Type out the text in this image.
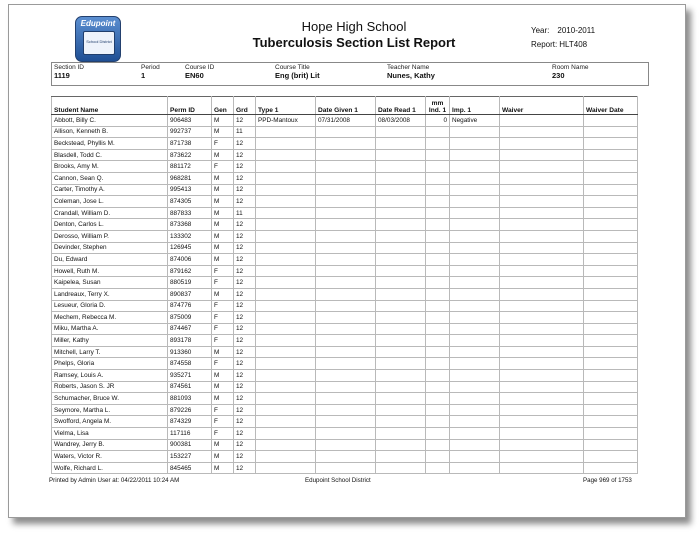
Edupoint
School District
Hope High School
Tuberculosis Section List Report
Year: 2010-2011
Report: HLT408
Section ID
1119
Period
1
Course ID
EN60
Course Title
Eng (brit) Lit
Teacher Name
Nunes, Kathy
Room Name
230
Student Name	Perm ID	Gen	Grd	Type 1	Date Given 1	Date Read 1	mm
Ind. 1	Imp. 1	Waiver	Waiver Date
Abbott, Billy C.	906483	M	12	PPD-Mantoux	07/31/2008	08/03/2008	0	Negative		
Allison, Kenneth B.	992737	M	11							
Beckstead, Phyllis M.	871738	F	12							
Blasdell, Todd C.	873622	M	12							
Brooks, Amy M.	881172	F	12							
Cannon, Sean Q.	968281	M	12							
Carter, Timothy A.	995413	M	12							
Coleman, Jose L.	874305	M	12							
Crandall, William D.	887833	M	11							
Denton, Carlos L.	873368	M	12							
Derosso, William P.	133302	M	12							
Devinder, Stephen	126945	M	12							
Du, Edward	874006	M	12							
Howell, Ruth M.	879162	F	12							
Kaipelea, Susan	880519	F	12							
Landreaux, Terry X.	890837	M	12							
Lesueur, Gloria D.	874776	F	12							
Mechem, Rebecca M.	875009	F	12							
Miku, Martha A.	874467	F	12							
Miller, Kathy	893178	F	12							
Mitchell, Larry T.	913360	M	12							
Phelps, Gloria	874558	F	12							
Ramsey, Louis A.	935271	M	12							
Roberts, Jason S. JR	874561	M	12							
Schumacher, Bruce W.	881093	M	12							
Seymore, Martha L.	879226	F	12							
Swofford, Angela M.	874329	F	12							
Vielma, Lisa	117116	F	12							
Wandrey, Jerry B.	900381	M	12							
Waters, Victor R.	153227	M	12							
Wolfe, Richard L.	845465	M	12							
Printed by Admin User at: 04/22/2011 10:24 AM	Edupoint School District	Page 969 of 1753
